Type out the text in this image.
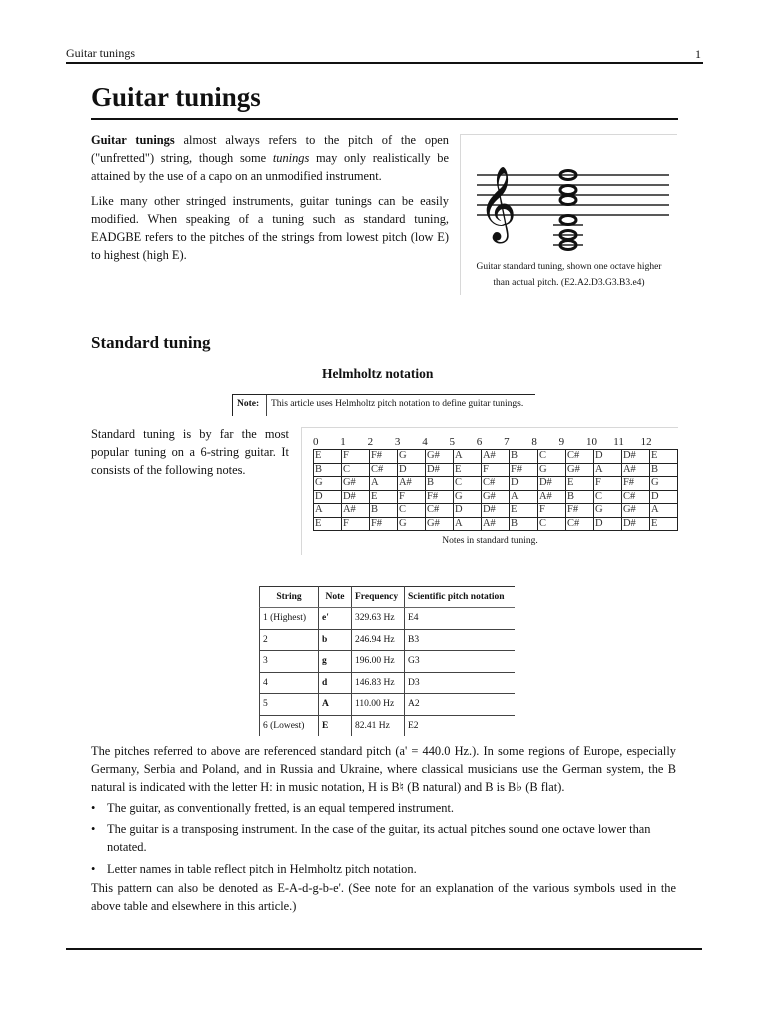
Guitar tunings	1
Guitar tunings

Guitar tunings almost always refers to the pitch of the open ("unfretted") string, though some tunings may only realistically be attained by the use of a capo on an unmodified instrument.

Like many other stringed instruments, guitar tunings can be easily modified. When speaking of a tuning such as standard tuning, EADGBE refers to the pitches of the strings from lowest pitch (low E) to highest (high E).

𝄞
Guitar standard tuning, shown one octave higher
than actual pitch. (E2.A2.D3.G3.B3.e4)
Standard tuning
Helmholtz notation
Note: This article uses Helmholtz pitch notation to define guitar tunings.

Standard tuning is by far the most popular tuning on a 6-string guitar. It consists of the following notes.

0	1	2	3	4	5	6	7	8	9	10	11	12
E	F	F#	G	G#	A	A#	B	C	C#	D	D#	E
B	C	C#	D	D#	E	F	F#	G	G#	A	A#	B
G	G#	A	A#	B	C	C#	D	D#	E	F	F#	G
D	D#	E	F	F#	G	G#	A	A#	B	C	C#	D
A	A#	B	C	C#	D	D#	E	F	F#	G	G#	A
E	F	F#	G	G#	A	A#	B	C	C#	D	D#	E
Notes in standard tuning.
String	Note	Frequency	Scientific pitch notation
1 (Highest)	e'	329.63 Hz	E4
2	b	246.94 Hz	B3
3	g	196.00 Hz	G3
4	d	146.83 Hz	D3
5	A	110.00 Hz	A2
6 (Lowest)	E	82.41 Hz	E2

The pitches referred to above are referenced standard pitch (a' = 440.0 Hz.). In some regions of Europe, especially Germany, Serbia and Poland, and in Russia and Ukraine, where classical musicians use the German system, the B natural is indicated with the letter H: in music notation, H is B♮ (B natural) and B is B♭ (B flat).

• The guitar, as conventionally fretted, is an equal tempered instrument.
• The guitar is a transposing instrument. In the case of the guitar, its actual pitches sound one octave lower than notated.
• Letter names in table reflect pitch in Helmholtz pitch notation.

This pattern can also be denoted as E-A-d-g-b-e'. (See note for an explanation of the various symbols used in the above table and elsewhere in this article.)
